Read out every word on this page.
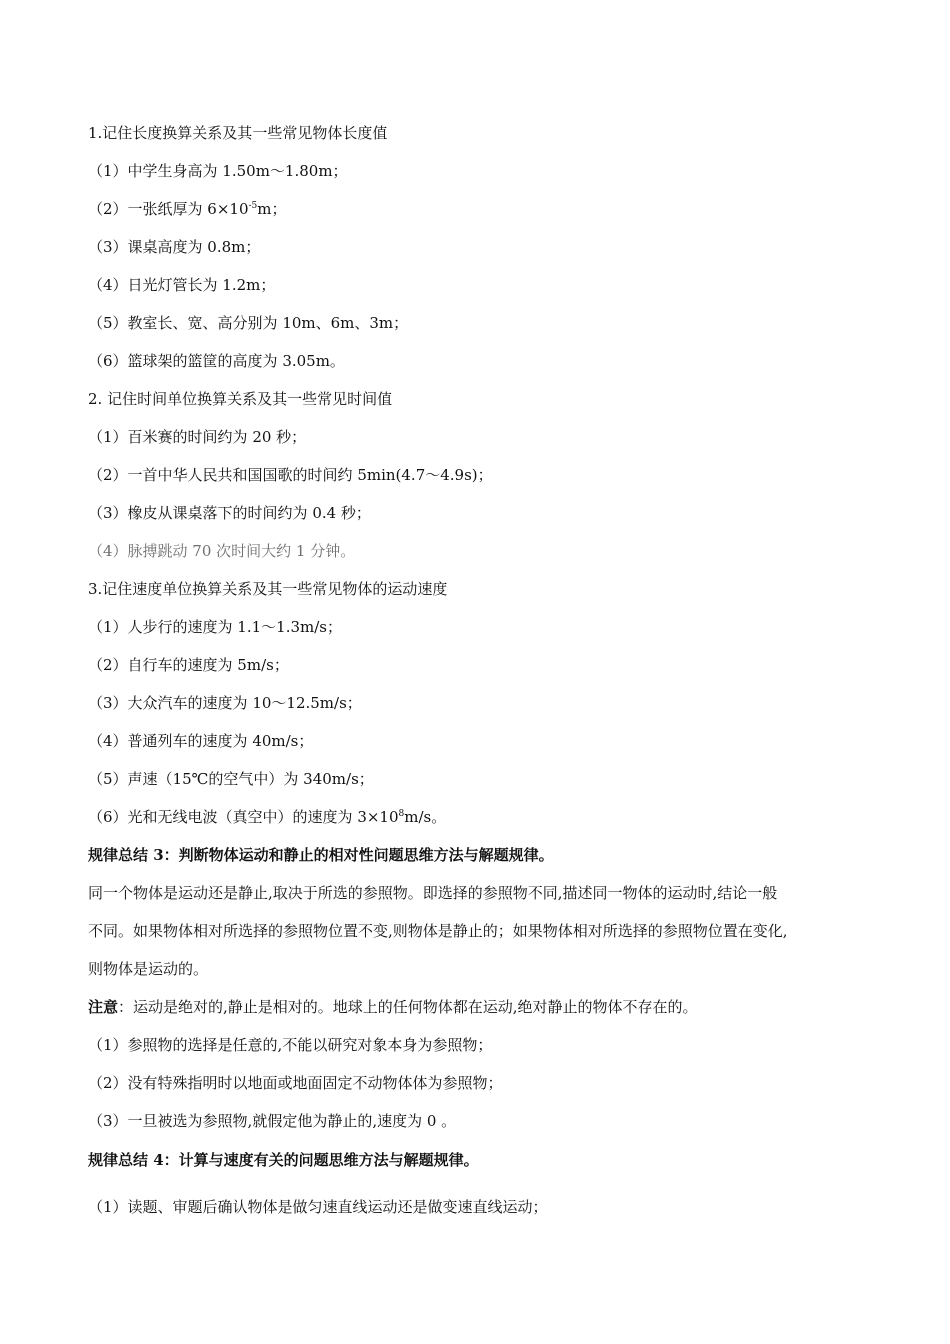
1.记住长度换算关系及其一些常见物体长度值
（1）中学生身高为 1.50m～1.80m；
（2）一张纸厚为 $6\times 10^{-5}m$；
（3）课桌高度为 0.8m；
（4）日光灯管长为 1.2m；
（5）教室长、宽、高分别为 10m、6m、3m；
（6）篮球架的篮筐的高度为 3.05m。
2. 记住时间单位换算关系及其一些常见时间值
（1）百米赛的时间约为 20 秒；
（2）一首中华人民共和国国歌的时间约 5min(4.7～4.9s)；
（3）橡皮从课桌落下的时间约为 0.4 秒；
（4）脉搏跳动 70 次时间大约 1 分钟。
3.记住速度单位换算关系及其一些常见物体的运动速度
（1）人步行的速度为 1.1～1.3m/s；
（2）自行车的速度为 5m/s；
（3）大众汽车的速度为 10～12.5m/s；
（4）普通列车的速度为 40m/s；
（5）声速（15℃的空气中）为 340m/s；
（6）光和无线电波（真空中）的速度为 $3\times 10^8m/s$。
规律总结 3：判断物体运动和静止的相对性问题思维方法与解题规律。
同一个物体是运动还是静止,取决于所选的参照物。即选择的参照物不同,描述同一物体的运动时,结论一般
不同。如果物体相对所选择的参照物位置不变,则物体是静止的；如果物体相对所选择的参照物位置在变化,
则物体是运动的。
注意：运动是绝对的,静止是相对的。地球上的任何物体都在运动,绝对静止的物体不存在的。
（1）参照物的选择是任意的,不能以研究对象本身为参照物；
（2）没有特殊指明时以地面或地面固定不动物体体为参照物；
（3）一旦被选为参照物,就假定他为静止的,速度为 0 。
规律总结 4：计算与速度有关的问题思维方法与解题规律。
（1）读题、审题后确认物体是做匀速直线运动还是做变速直线运动；
